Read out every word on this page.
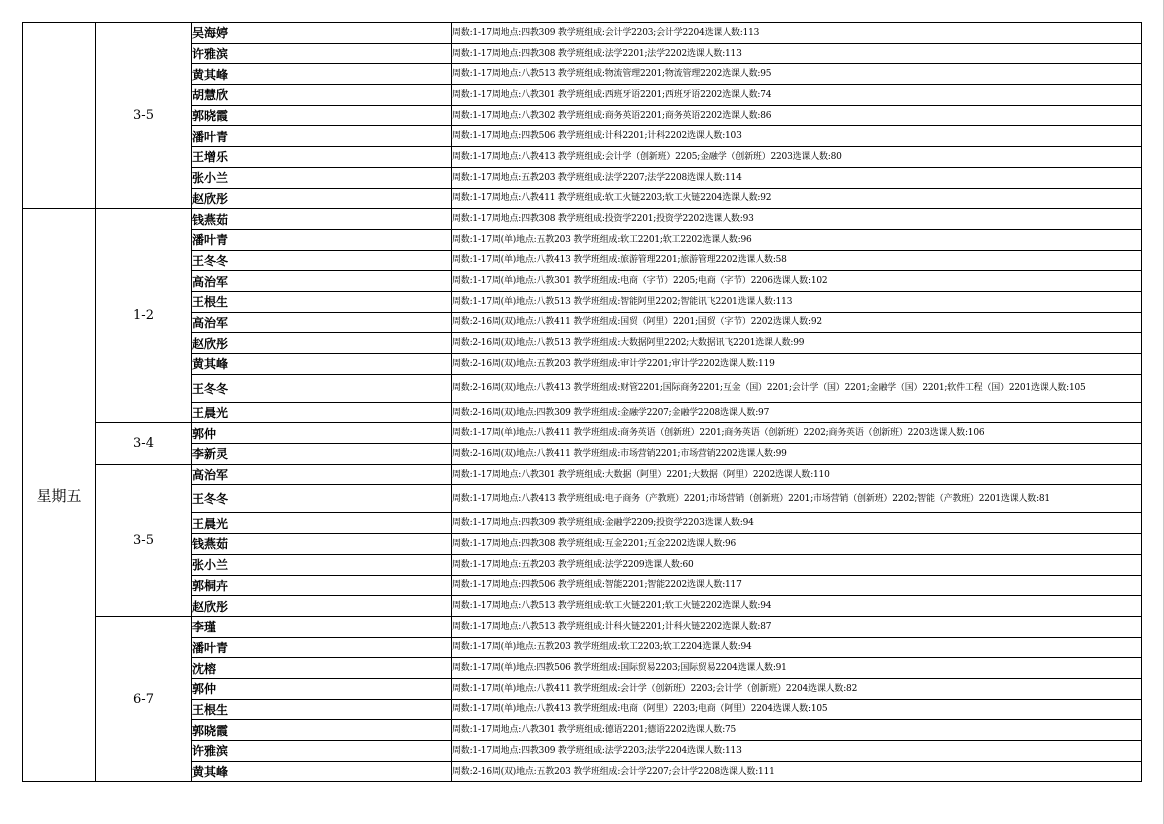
	3-5	吴海婷	周数:1-17周地点:四教309 教学班组成:会计学2203;会计学2204选课人数:113
		许雅滨	周数:1-17周地点:四教308 教学班组成:法学2201;法学2202选课人数:113
		黄其峰	周数:1-17周地点:八教513 教学班组成:物流管理2201;物流管理2202选课人数:95
		胡慧欣	周数:1-17周地点:八教301 教学班组成:西班牙语2201;西班牙语2202选课人数:74
		郭晓霞	周数:1-17周地点:八教302 教学班组成:商务英语2201;商务英语2202选课人数:86
		潘叶青	周数:1-17周地点:四教506 教学班组成:计科2201;计科2202选课人数:103
		王增乐	周数:1-17周地点:八教413 教学班组成:会计学（创新班）2205;金融学（创新班）2203选课人数:80
		张小兰	周数:1-17周地点:五教203 教学班组成:法学2207;法学2208选课人数:114
		赵欣彤	周数:1-17周地点:八教411 教学班组成:软工火链2203;软工火链2204选课人数:92
星期五	1-2	钱燕茹	周数:1-17周地点:四教308 教学班组成:投资学2201;投资学2202选课人数:93
		潘叶青	周数:1-17周(单)地点:五教203 教学班组成:软工2201;软工2202选课人数:96
		王冬冬	周数:1-17周(单)地点:八教413 教学班组成:旅游管理2201;旅游管理2202选课人数:58
		高治军	周数:1-17周(单)地点:八教301 教学班组成:电商（字节）2205;电商（字节）2206选课人数:102
		王根生	周数:1-17周(单)地点:八教513 教学班组成:智能阿里2202;智能讯飞2201选课人数:113
		高治军	周数:2-16周(双)地点:八教411 教学班组成:国贸（阿里）2201;国贸（字节）2202选课人数:92
		赵欣彤	周数:2-16周(双)地点:八教513 教学班组成:大数据阿里2202;大数据讯飞2201选课人数:99
		黄其峰	周数:2-16周(双)地点:五教203 教学班组成:审计学2201;审计学2202选课人数:119
		王冬冬	周数:2-16周(双)地点:八教413 教学班组成:财管2201;国际商务2201;互金（国）2201;会计学（国）2201;金融学（国）2201;软件工程（国）2201选课人数:105
		王晨光	周数:2-16周(双)地点:四教309 教学班组成:金融学2207;金融学2208选课人数:97
	3-4	郭仲	周数:1-17周(单)地点:八教411 教学班组成:商务英语（创新班）2201;商务英语（创新班）2202;商务英语（创新班）2203选课人数:106
		李新灵	周数:2-16周(双)地点:八教411 教学班组成:市场营销2201;市场营销2202选课人数:99
	3-5	高治军	周数:1-17周地点:八教301 教学班组成:大数据（阿里）2201;大数据（阿里）2202选课人数:110
		王冬冬	周数:1-17周地点:八教413 教学班组成:电子商务（产教班）2201;市场营销（创新班）2201;市场营销（创新班）2202;智能（产教班）2201选课人数:81
		王晨光	周数:1-17周地点:四教309 教学班组成:金融学2209;投资学2203选课人数:94
		钱燕茹	周数:1-17周地点:四教308 教学班组成:互金2201;互金2202选课人数:96
		张小兰	周数:1-17周地点:五教203 教学班组成:法学2209选课人数:60
		郭桐卉	周数:1-17周地点:四教506 教学班组成:智能2201;智能2202选课人数:117
		赵欣彤	周数:1-17周地点:八教513 教学班组成:软工火链2201;软工火链2202选课人数:94
	6-7	李瑾	周数:1-17周地点:八教513 教学班组成:计科火链2201;计科火链2202选课人数:87
		潘叶青	周数:1-17周(单)地点:五教203 教学班组成:软工2203;软工2204选课人数:94
		沈榕	周数:1-17周(单)地点:四教506 教学班组成:国际贸易2203;国际贸易2204选课人数:91
		郭仲	周数:1-17周(单)地点:八教411 教学班组成:会计学（创新班）2203;会计学（创新班）2204选课人数:82
		王根生	周数:1-17周(单)地点:八教413 教学班组成:电商（阿里）2203;电商（阿里）2204选课人数:105
		郭晓霞	周数:1-17周地点:八教301 教学班组成:德语2201;德语2202选课人数:75
		许雅滨	周数:1-17周地点:四教309 教学班组成:法学2203;法学2204选课人数:113
		黄其峰	周数:2-16周(双)地点:五教203 教学班组成:会计学2207;会计学2208选课人数:111
